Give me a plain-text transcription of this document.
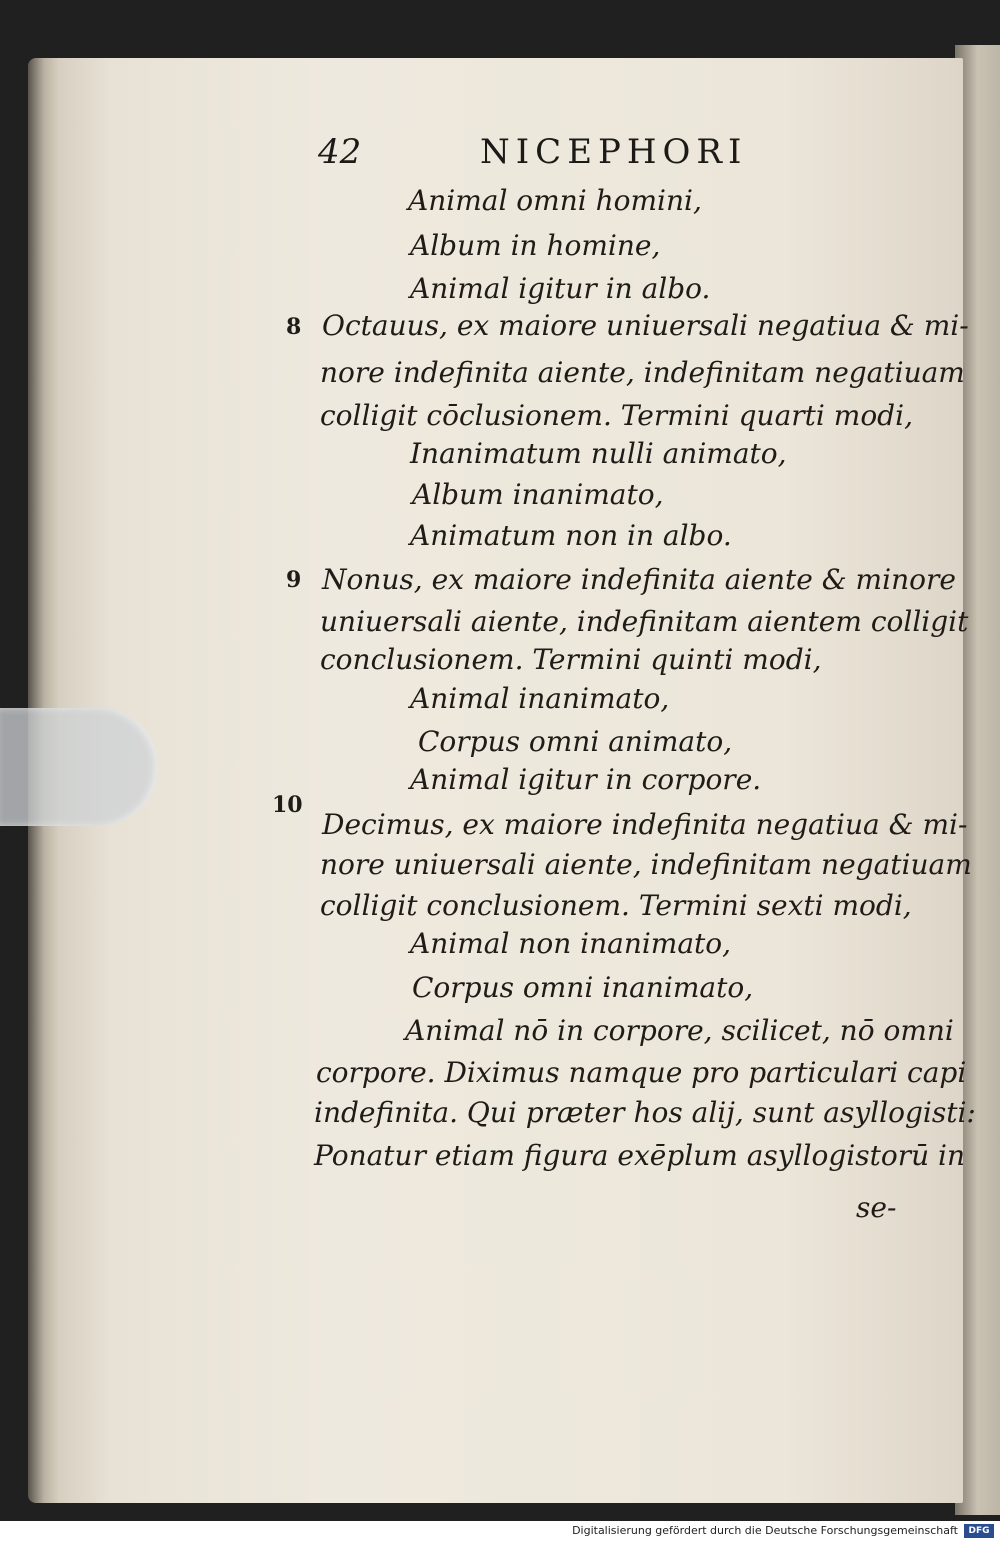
42	NICEPHORI
Animal omni homini,
Album in homine,
Animal igitur in albo.
8 Octauus, ex maiore uniuersali negatiua & mi-
nore indefinita aiente, indefinitam negatiuam
colligit cōclusionem. Termini quarti modi,
Inanimatum nulli animato,
Album inanimato,
Animatum non in albo.
9 Nonus, ex maiore indefinita aiente & minore
uniuersali aiente, indefinitam aientem colligit
conclusionem. Termini quinti modi,
Animal inanimato,
Corpus omni animato,
Animal igitur in corpore.
10
Decimus, ex maiore indefinita negatiua & mi-
nore uniuersali aiente, indefinitam negatiuam
colligit conclusionem. Termini sexti modi,
Animal non inanimato,
Corpus omni inanimato,
Animal nō in corpore, scilicet, nō omni
corpore. Diximus namque pro particulari capi
indefinita. Qui præter hos alij, sunt asyllogisti:
Ponatur etiam figura exēplum asyllogistorū in
se-
Digitalisierung gefördert durch die Deutsche Forschungsgemeinschaft	DFG
